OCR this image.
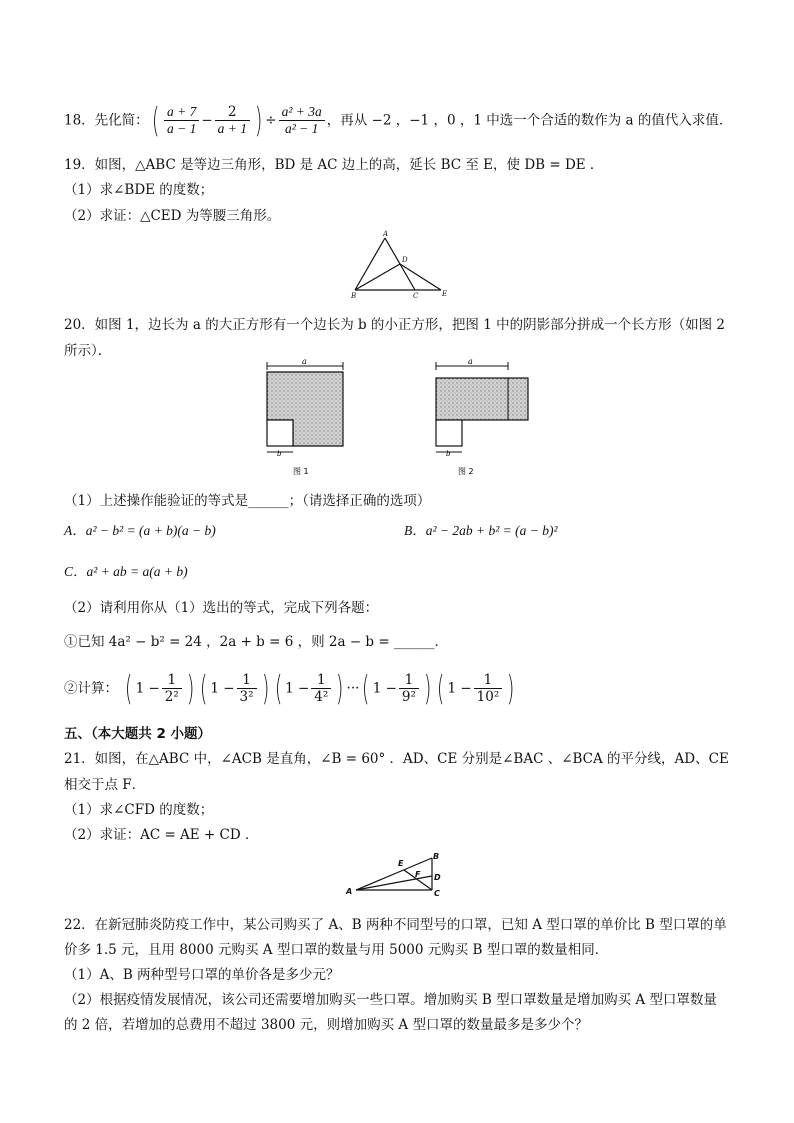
18．先化简：( $\frac{a + 7}{a - 1} - \frac{2}{a + 1}$ ) ÷ $\frac{\text{a² + 3a}}{\text{a² − 1}}$ ，再从 −2 ，−1 ，0 ，1 中选一个合适的数作为 a 的值代入求值．
19．如图，△ABC 是等边三角形，BD 是 AC 边上的高，延长 BC 至 E，使 DB = DE ．
（1）求∠BDE 的度数；
（2）求证：△CED 为等腰三角形。
A
D
B	C	E
20．如图 1，边长为 a 的大正方形有一个边长为 b 的小正方形，把图 1 中的阴影部分拼成一个长方形（如图 2
所示）．
a
b
图 1
a
b
图 2
（1）上述操作能验证的等式是______；（请选择正确的选项）
A．a² − b² = (a + b)(a − b)	B．a² − 2ab + b² = (a − b)²
C．a² + ab = a(a + b)
（2）请利用你从（1）选出的等式，完成下列各题：
①已知 4a² − b² = 24 ，2a + b = 6 ，则 2a − b = ______．
②计算： ( $1 - \frac{1}{\text{2²}}$ ) ( $1 - \frac{1}{\text{3²}}$ ) ( $1 - \frac{1}{\text{4²}}$ ) ···( $1 - \frac{1}{\text{9²}}$ ) ( $1 - \frac{1}{\text{10²}}$ )
五、（本大题共 2 小题）
21．如图，在△ABC 中，∠ACB 是直角，∠B = 60° ．AD、CE 分别是∠BAC 、∠BCA 的平分线，AD、CE
相交于点 F．
（1）求∠CFD 的度数；
（2）求证：AC = AE + CD ．
E
B
F D
A	C
22．在新冠肺炎防疫工作中，某公司购买了 A、B 两种不同型号的口罩，已知 A 型口罩的单价比 B 型口罩的单
价多 1.5 元，且用 8000 元购买 A 型口罩的数量与用 5000 元购买 B 型口罩的数量相同．
（1）A、B 两种型号口罩的单价各是多少元？
（2）根据疫情发展情况，该公司还需要增加购买一些口罩。增加购买 B 型口罩数量是增加购买 A 型口罩数量
的 2 倍，若增加的总费用不超过 3800 元，则增加购买 A 型口罩的数量最多是多少个？
